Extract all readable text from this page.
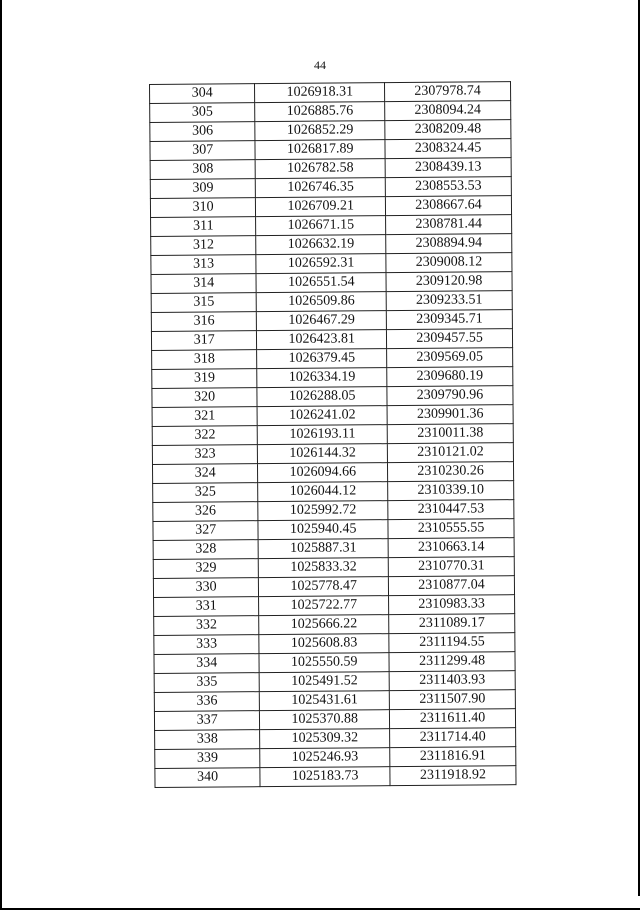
44
304	1026918.31	2307978.74
305	1026885.76	2308094.24
306	1026852.29	2308209.48
307	1026817.89	2308324.45
308	1026782.58	2308439.13
309	1026746.35	2308553.53
310	1026709.21	2308667.64
311	1026671.15	2308781.44
312	1026632.19	2308894.94
313	1026592.31	2309008.12
314	1026551.54	2309120.98
315	1026509.86	2309233.51
316	1026467.29	2309345.71
317	1026423.81	2309457.55
318	1026379.45	2309569.05
319	1026334.19	2309680.19
320	1026288.05	2309790.96
321	1026241.02	2309901.36
322	1026193.11	2310011.38
323	1026144.32	2310121.02
324	1026094.66	2310230.26
325	1026044.12	2310339.10
326	1025992.72	2310447.53
327	1025940.45	2310555.55
328	1025887.31	2310663.14
329	1025833.32	2310770.31
330	1025778.47	2310877.04
331	1025722.77	2310983.33
332	1025666.22	2311089.17
333	1025608.83	2311194.55
334	1025550.59	2311299.48
335	1025491.52	2311403.93
336	1025431.61	2311507.90
337	1025370.88	2311611.40
338	1025309.32	2311714.40
339	1025246.93	2311816.91
340	1025183.73	2311918.92
